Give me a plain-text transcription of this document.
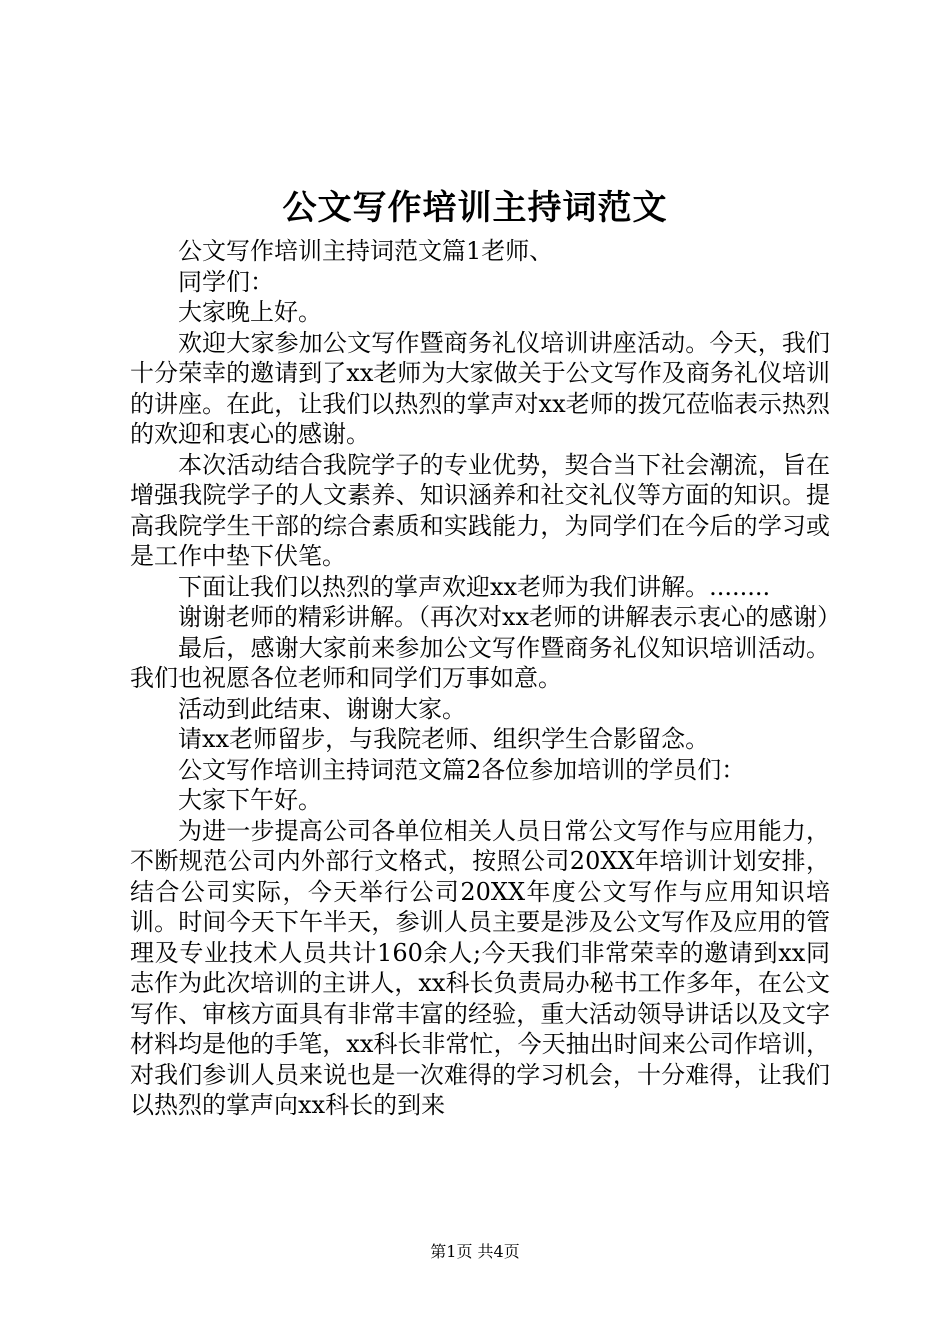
公文写作培训主持词范文

公文写作培训主持词范文篇1老师、

同学们：

大家晚上好。

欢迎大家参加公文写作暨商务礼仪培训讲座活动。今天，我们十分荣幸的邀请到了xx老师为大家做关于公文写作及商务礼仪培训的讲座。在此，让我们以热烈的掌声对xx老师的拨冗莅临表示热烈的欢迎和衷心的感谢。

本次活动结合我院学子的专业优势，契合当下社会潮流，旨在增强我院学子的人文素养、知识涵养和社交礼仪等方面的知识。提高我院学生干部的综合素质和实践能力，为同学们在今后的学习或是工作中垫下伏笔。

下面让我们以热烈的掌声欢迎xx老师为我们讲解。........

谢谢老师的精彩讲解。（再次对xx老师的讲解表示衷心的感谢）

最后，感谢大家前来参加公文写作暨商务礼仪知识培训活动。我们也祝愿各位老师和同学们万事如意。

活动到此结束、谢谢大家。

请xx老师留步，与我院老师、组织学生合影留念。

公文写作培训主持词范文篇2各位参加培训的学员们：

大家下午好。

为进一步提高公司各单位相关人员日常公文写作与应用能力，不断规范公司内外部行文格式，按照公司20XX年培训计划安排，结合公司实际，今天举行公司20XX年度公文写作与应用知识培训。时间今天下午半天，参训人员主要是涉及公文写作及应用的管理及专业技术人员共计160余人;今天我们非常荣幸的邀请到xx同志作为此次培训的主讲人，xx科长负责局办秘书工作多年，在公文写作、审核方面具有非常丰富的经验，重大活动领导讲话以及文字材料均是他的手笔，xx科长非常忙，今天抽出时间来公司作培训，对我们参训人员来说也是一次难得的学习机会，十分难得，让我们以热烈的掌声向xx科长的到来

第1页 共4页
